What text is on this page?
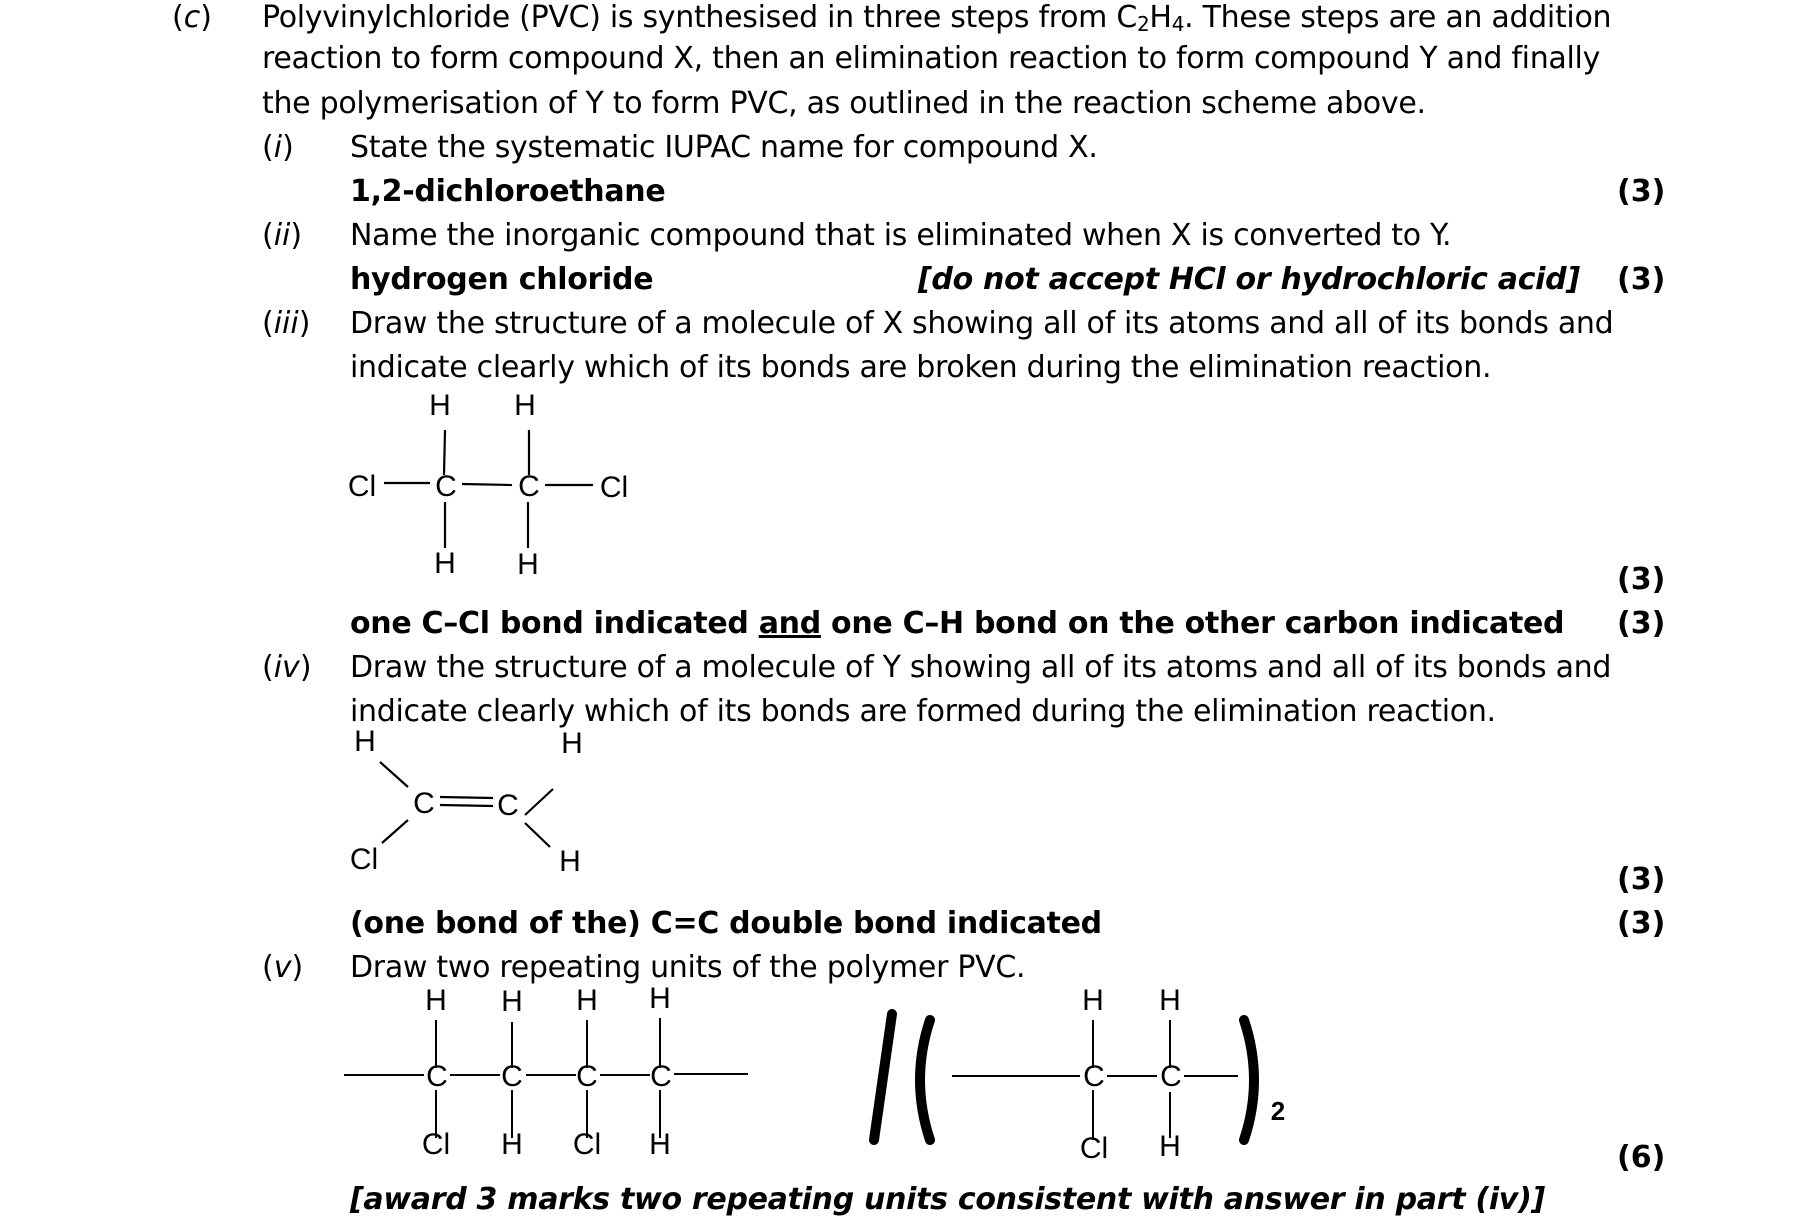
(c) Polyvinylchloride (PVC) is synthesised in three steps from $C_2H_4$. These steps are an addition
reaction to form compound X, then an elimination reaction to form compound Y and finally
the polymerisation of Y to form PVC, as outlined in the reaction scheme above.
(i) State the systematic IUPAC name for compound X.
1,2-dichloroethane	(3)
(ii) Name the inorganic compound that is eliminated when X is converted to Y.
hydrogen chloride	[do not accept HCl or hydrochloric acid] (3)
(iii) Draw the structure of a molecule of X showing all of its atoms and all of its bonds and
indicate clearly which of its bonds are broken during the elimination reaction.
H H
Cl C C Cl
H H	(3)
one C–Cl bond indicated and one C–H bond on the other carbon indicated (3)
(iv) Draw the structure of a molecule of Y showing all of its atoms and all of its bonds and
indicate clearly which of its bonds are formed during the elimination reaction.
H	H
C C
Cl	H
(3)
(one bond of the) C=C double bond indicated	(3)
(v) Draw two repeating units of the polymer PVC.
H H H H
C C C C
Cl H Cl H
H H
C C
Cl H
2
(6)
[award 3 marks two repeating units consistent with answer in part (iv)]
